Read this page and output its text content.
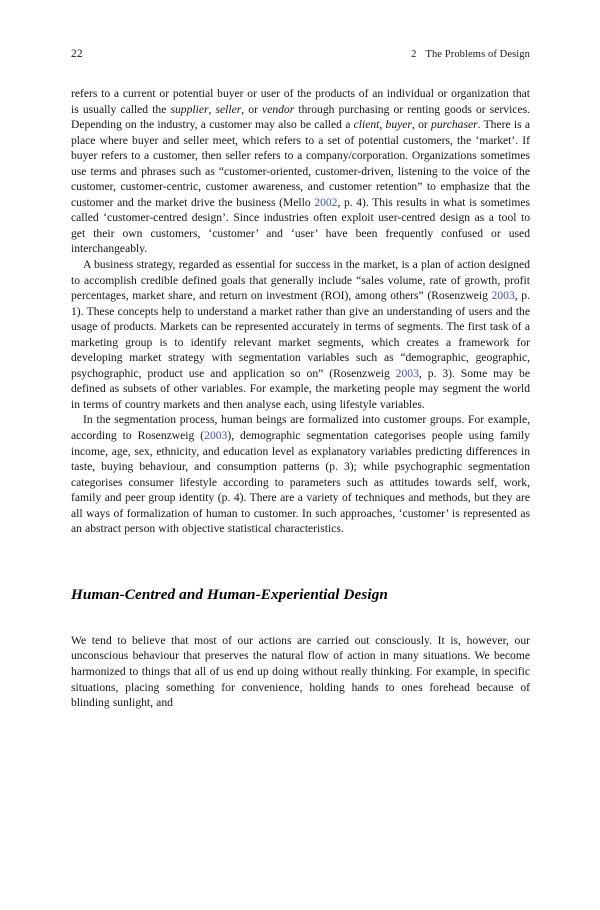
22	2 The Problems of Design

refers to a current or potential buyer or user of the products of an individual or organization that is usually called the supplier, seller, or vendor through purchasing or renting goods or services. Depending on the industry, a customer may also be called a client, buyer, or purchaser. There is a place where buyer and seller meet, which refers to a set of potential customers, the ‘market’. If buyer refers to a customer, then seller refers to a company/corporation. Organizations sometimes use terms and phrases such as “customer-oriented, customer-driven, listening to the voice of the customer, customer-centric, customer awareness, and customer retention” to emphasize that the customer and the market drive the business (Mello 2002, p. 4). This results in what is sometimes called ‘customer-centred design’. Since industries often exploit user-centred design as a tool to get their own customers, ‘customer’ and ‘user’ have been frequently confused or used interchangeably.

A business strategy, regarded as essential for success in the market, is a plan of action designed to accomplish credible defined goals that generally include “sales volume, rate of growth, profit percentages, market share, and return on investment (ROI), among others” (Rosenzweig 2003, p. 1). These concepts help to understand a market rather than give an understanding of users and the usage of products. Markets can be represented accurately in terms of segments. The first task of a marketing group is to identify relevant market segments, which creates a framework for developing market strategy with segmentation variables such as “demographic, geographic, psychographic, product use and application so on” (Rosenzweig 2003, p. 3). Some may be defined as subsets of other variables. For example, the marketing people may segment the world in terms of country markets and then analyse each, using lifestyle variables.

In the segmentation process, human beings are formalized into customer groups. For example, according to Rosenzweig (2003), demographic segmentation categorises people using family income, age, sex, ethnicity, and education level as explanatory variables predicting differences in taste, buying behaviour, and consumption patterns (p. 3); while psychographic segmentation categorises consumer lifestyle according to parameters such as attitudes towards self, work, family and peer group identity (p. 4). There are a variety of techniques and methods, but they are all ways of formalization of human to customer. In such approaches, ‘customer’ is represented as an abstract person with objective statistical characteristics.

Human-Centred and Human-Experiential Design

We tend to believe that most of our actions are carried out consciously. It is, however, our unconscious behaviour that preserves the natural flow of action in many situations. We become harmonized to things that all of us end up doing without really thinking. For example, in specific situations, placing something for convenience, holding hands to ones forehead because of blinding sunlight, and
